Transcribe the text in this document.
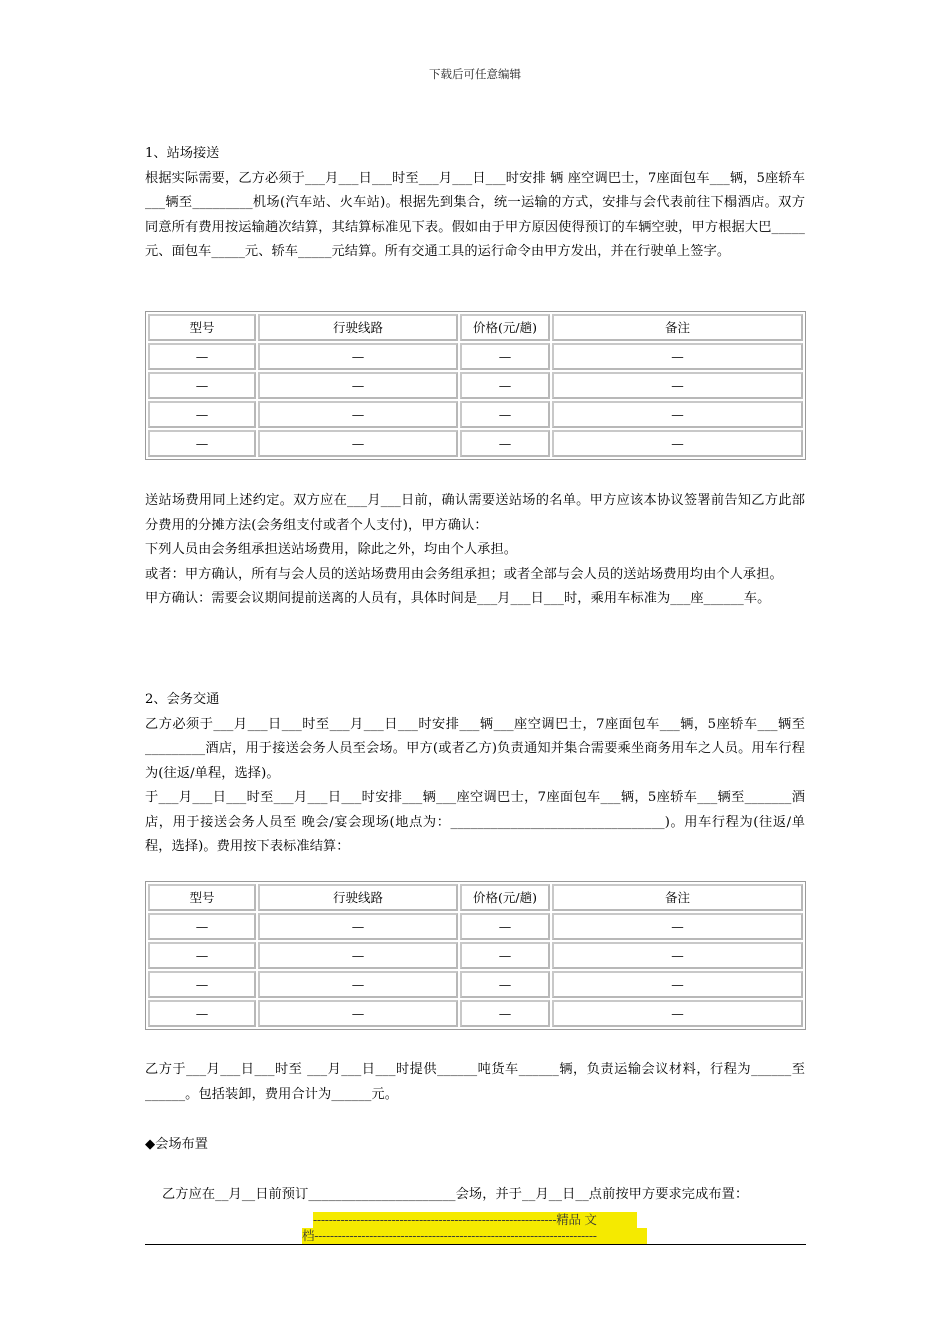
下载后可任意编辑

1、站场接送

根据实际需要，乙方必须于___月___日___时至___月___日___时安排 辆 座空调巴士，7座面包车___辆，5座轿车___辆至_________机场(汽车站、火车站)。根据先到集合，统一运输的方式，安排与会代表前往下榻酒店。双方同意所有费用按运输趟次结算，其结算标准见下表。假如由于甲方原因使得预订的车辆空驶，甲方根据大巴_____元、面包车_____元、轿车_____元结算。所有交通工具的运行命令由甲方发出，并在行驶单上签字。

型号	行驶线路	价格(元/趟)	备注
—	—	—	—
—	—	—	—
—	—	—	—
—	—	—	—

送站场费用同上述约定。双方应在___月___日前，确认需要送站场的名单。甲方应该本协议签署前告知乙方此部分费用的分摊方法(会务组支付或者个人支付)，甲方确认：

下列人员由会务组承担送站场费用，除此之外，均由个人承担。

或者：甲方确认，所有与会人员的送站场费用由会务组承担；或者全部与会人员的送站场费用均由个人承担。

甲方确认：需要会议期间提前送离的人员有，具体时间是___月___日___时，乘用车标准为___座______车。

2、会务交通

乙方必须于___月___日___时至___月___日___时安排___辆___座空调巴士，7座面包车___辆，5座轿车___辆至_________酒店，用于接送会务人员至会场。甲方(或者乙方)负责通知并集合需要乘坐商务用车之人员。用车行程为(往返/单程，选择)。

于___月___日___时至___月___日___时安排___辆___座空调巴士，7座面包车___辆，5座轿车___辆至_______酒店，用于接送会务人员至 晚会/宴会现场(地点为：________________________________)。用车行程为(往返/单程，选择)。费用按下表标准结算：

型号	行驶线路	价格(元/趟)	备注
—	—	—	—
—	—	—	—
—	—	—	—
—	—	—	—

乙方于___月___日___时至 ___月___日___时提供______吨货车______辆，负责运输会议材料，行程为______至______。包括装卸，费用合计为______元。

◆会场布置

乙方应在__月__日前预订______________________会场，并于__月__日__点前按甲方要求完成布置：

--------------------------------------------------------------精品 文
档------------------------------------------------------------------------
